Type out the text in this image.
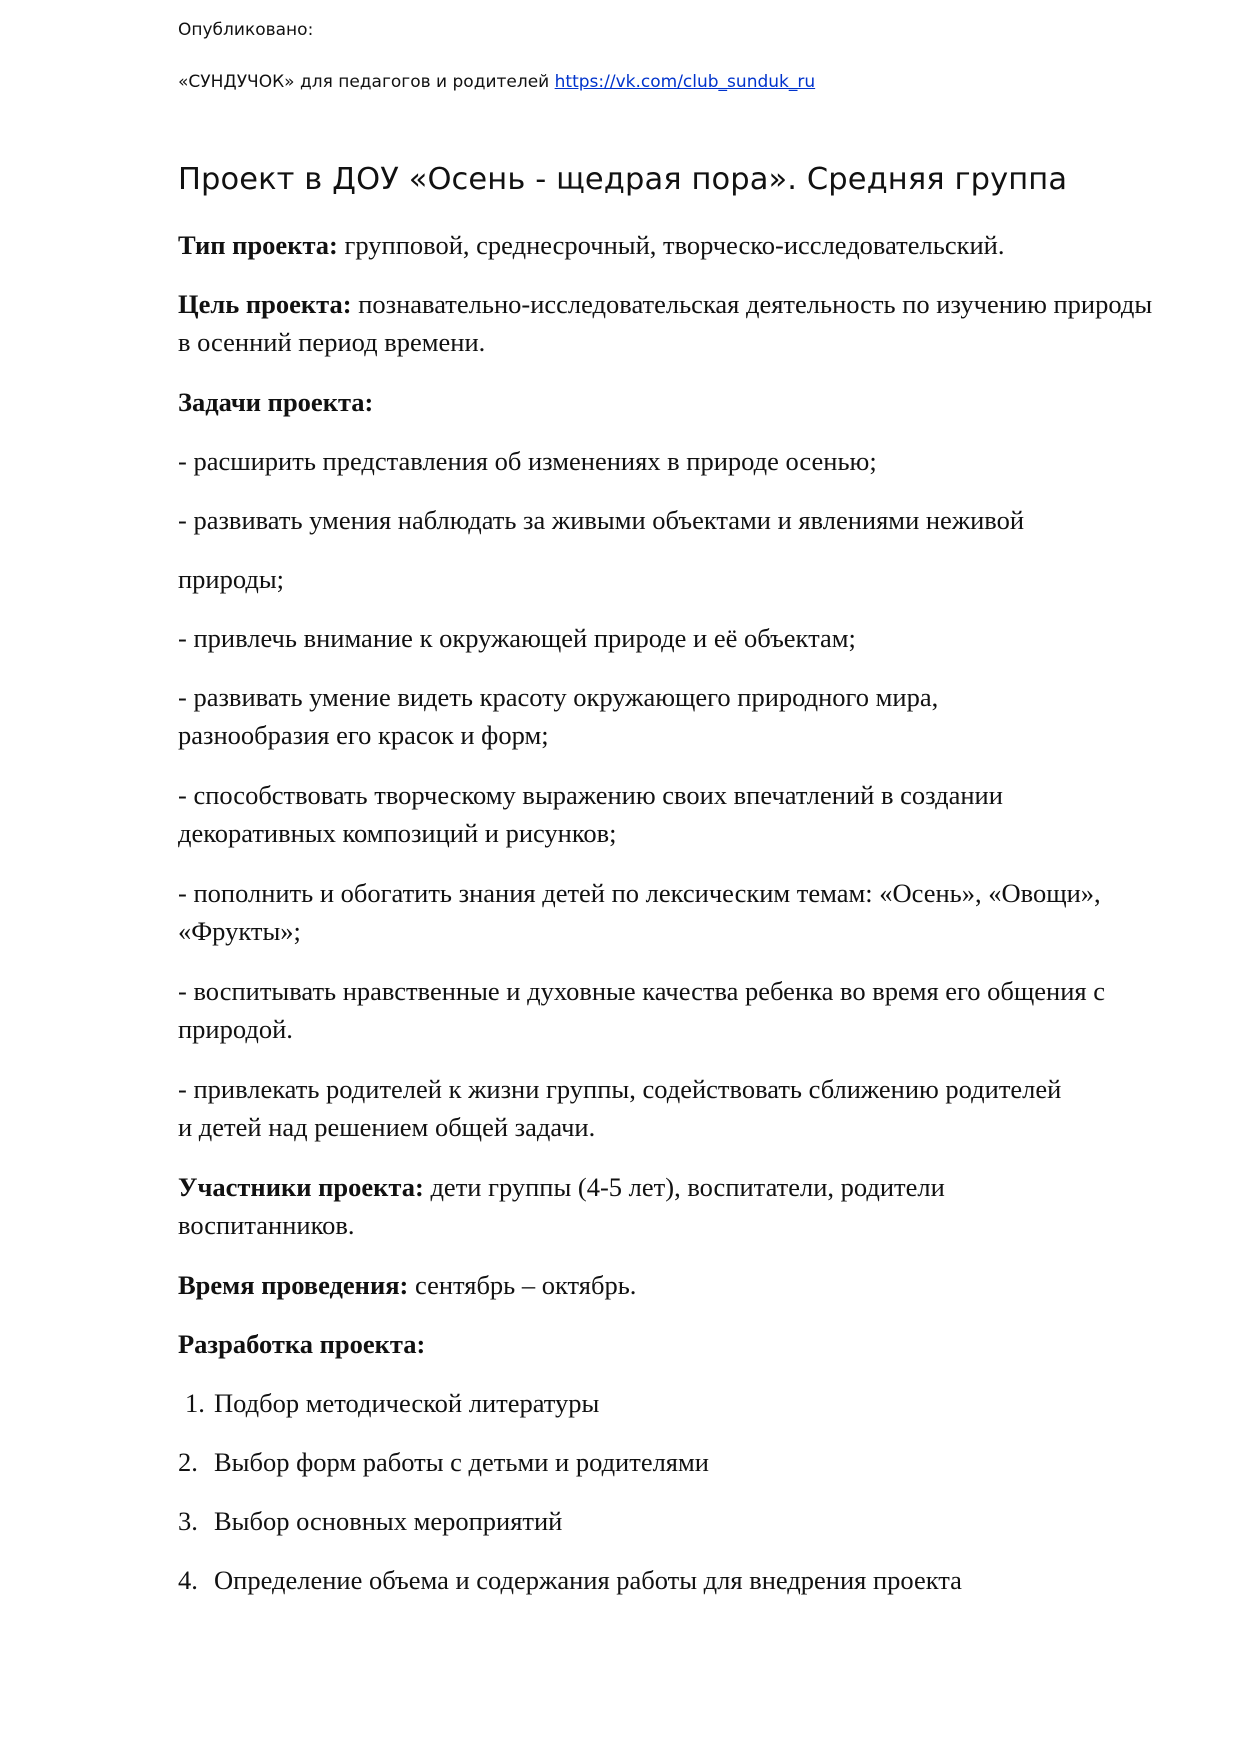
Опубликовано:
«СУНДУЧОК» для педагогов и родителей https://vk.com/club_sunduk_ru
Проект в ДОУ «Осень - щедрая пора». Средняя группа

Тип проекта: групповой, среднесрочный, творческо-исследовательский.

Цель проекта: познавательно-исследовательская деятельность по изучению природы в осенний период времени.

Задачи проекта:

- расширить представления об изменениях в природе осенью;

- развивать умения наблюдать за живыми объектами и явлениями неживой

природы;

- привлечь внимание к окружающей природе и её объектам;

- развивать умение видеть красоту окружающего природного мира, разнообразия его красок и форм;

- способствовать творческому выражению своих впечатлений в создании декоративных композиций и рисунков;

- пополнить и обогатить знания детей по лексическим темам: «Осень», «Овощи», «Фрукты»;

- воспитывать нравственные и духовные качества ребенка во время его общения с природой.

- привлекать родителей к жизни группы, содействовать сближению родителей и детей над решением общей задачи.

Участники проекта: дети группы (4-5 лет), воспитатели, родители воспитанников.

Время проведения: сентябрь – октябрь.

Разработка проекта:

1. Подбор методической литературы
2. Выбор форм работы с детьми и родителями
3. Выбор основных мероприятий
4. Определение объема и содержания работы для внедрения проекта
